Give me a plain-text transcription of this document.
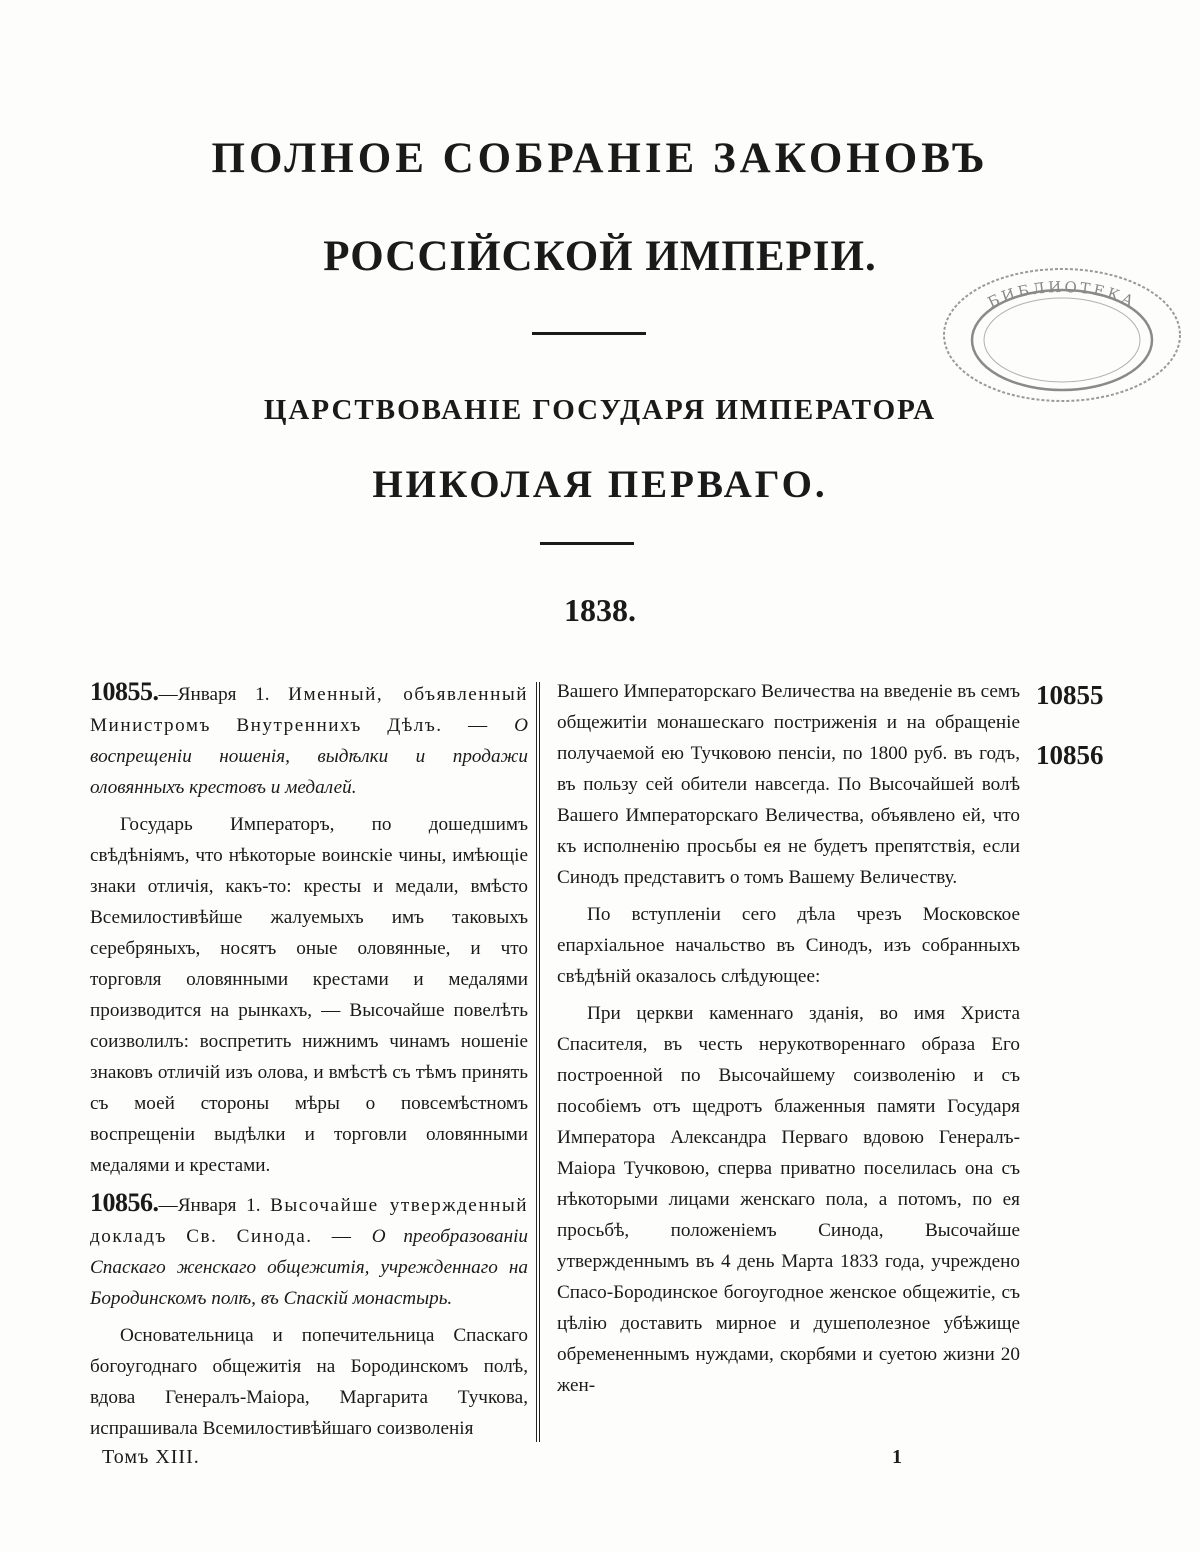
ПОЛНОЕ СОБРАНІЕ ЗАКОНОВЪ
РОССІЙСКОЙ ИМПЕРІИ.
ЦАРСТВОВАНІЕ ГОСУДАРЯ ИМПЕРАТОРА
НИКОЛАЯ ПЕРВАГО.
1838.
БИБЛИОТЕКА

10855.—Января 1. Именный, объявленный Министромъ Внутреннихъ Дѣлъ. — О воспрещеніи ношенія, выдѣлки и продажи оловянныхъ крестовъ и медалей.

Государь Императоръ, по дошедшимъ свѣдѣніямъ, что нѣкоторые воинскіе чины, имѣющіе знаки отличія, какъ-то: кресты и медали, вмѣсто Всемилостивѣйше жалуемыхъ имъ таковыхъ серебряныхъ, носятъ оные оловянные, и что торговля оловянными крестами и медалями производится на рынкахъ, — Высочайше повелѣть соизволилъ: воспретить нижнимъ чинамъ ношеніе знаковъ отличій изъ олова, и вмѣстѣ съ тѣмъ принять съ моей стороны мѣры о повсемѣстномъ воспрещеніи выдѣлки и торговли оловянными медалями и крестами.

10856.—Января 1. Высочайше утвержденный докладъ Св. Синода. — О преобразованіи Спаскаго женскаго общежитія, учрежденнаго на Бородинскомъ полѣ, въ Спаскій монастырь.

Основательница и попечительница Спаскаго богоугоднаго общежитія на Бородинскомъ полѣ, вдова Генералъ-Маіора, Маргарита Тучкова, испрашивала Всемилостивѣйшаго соизволенія

Вашего Императорскаго Величества на введеніе въ семъ общежитіи монашескаго постриженія и на обращеніе получаемой ею Тучковою пенсіи, по 1800 руб. въ годъ, въ пользу сей обители навсегда. По Высочайшей волѣ Вашего Императорскаго Величества, объявлено ей, что къ исполненію просьбы ея не будетъ препятствія, если Синодъ представитъ о томъ Вашему Величеству.

По вступленіи сего дѣла чрезъ Московское епархіальное начальство въ Синодъ, изъ собранныхъ свѣдѣній оказалось слѣдующее:

При церкви каменнаго зданія, во имя Христа Спасителя, въ честь нерукотвореннаго образа Его построенной по Высочайшему соизволенію и съ пособіемъ отъ щедротъ блаженныя памяти Государя Императора Александра Первагo вдовою Генералъ-Маіора Тучковою, сперва приватно поселилась она съ нѣкоторыми лицами женскаго пола, а потомъ, по ея просьбѣ, положеніемъ Синода, Высочайше утвержденнымъ въ 4 день Марта 1833 года, учреждено Спасо-Бородинское богоугодное женское общежитіе, съ цѣлію доставить мирное и душеполезное убѣжище обремененнымъ нуждами, скорбями и суетою жизни 20 жен-

10855
10856
Томъ XIII.	1
